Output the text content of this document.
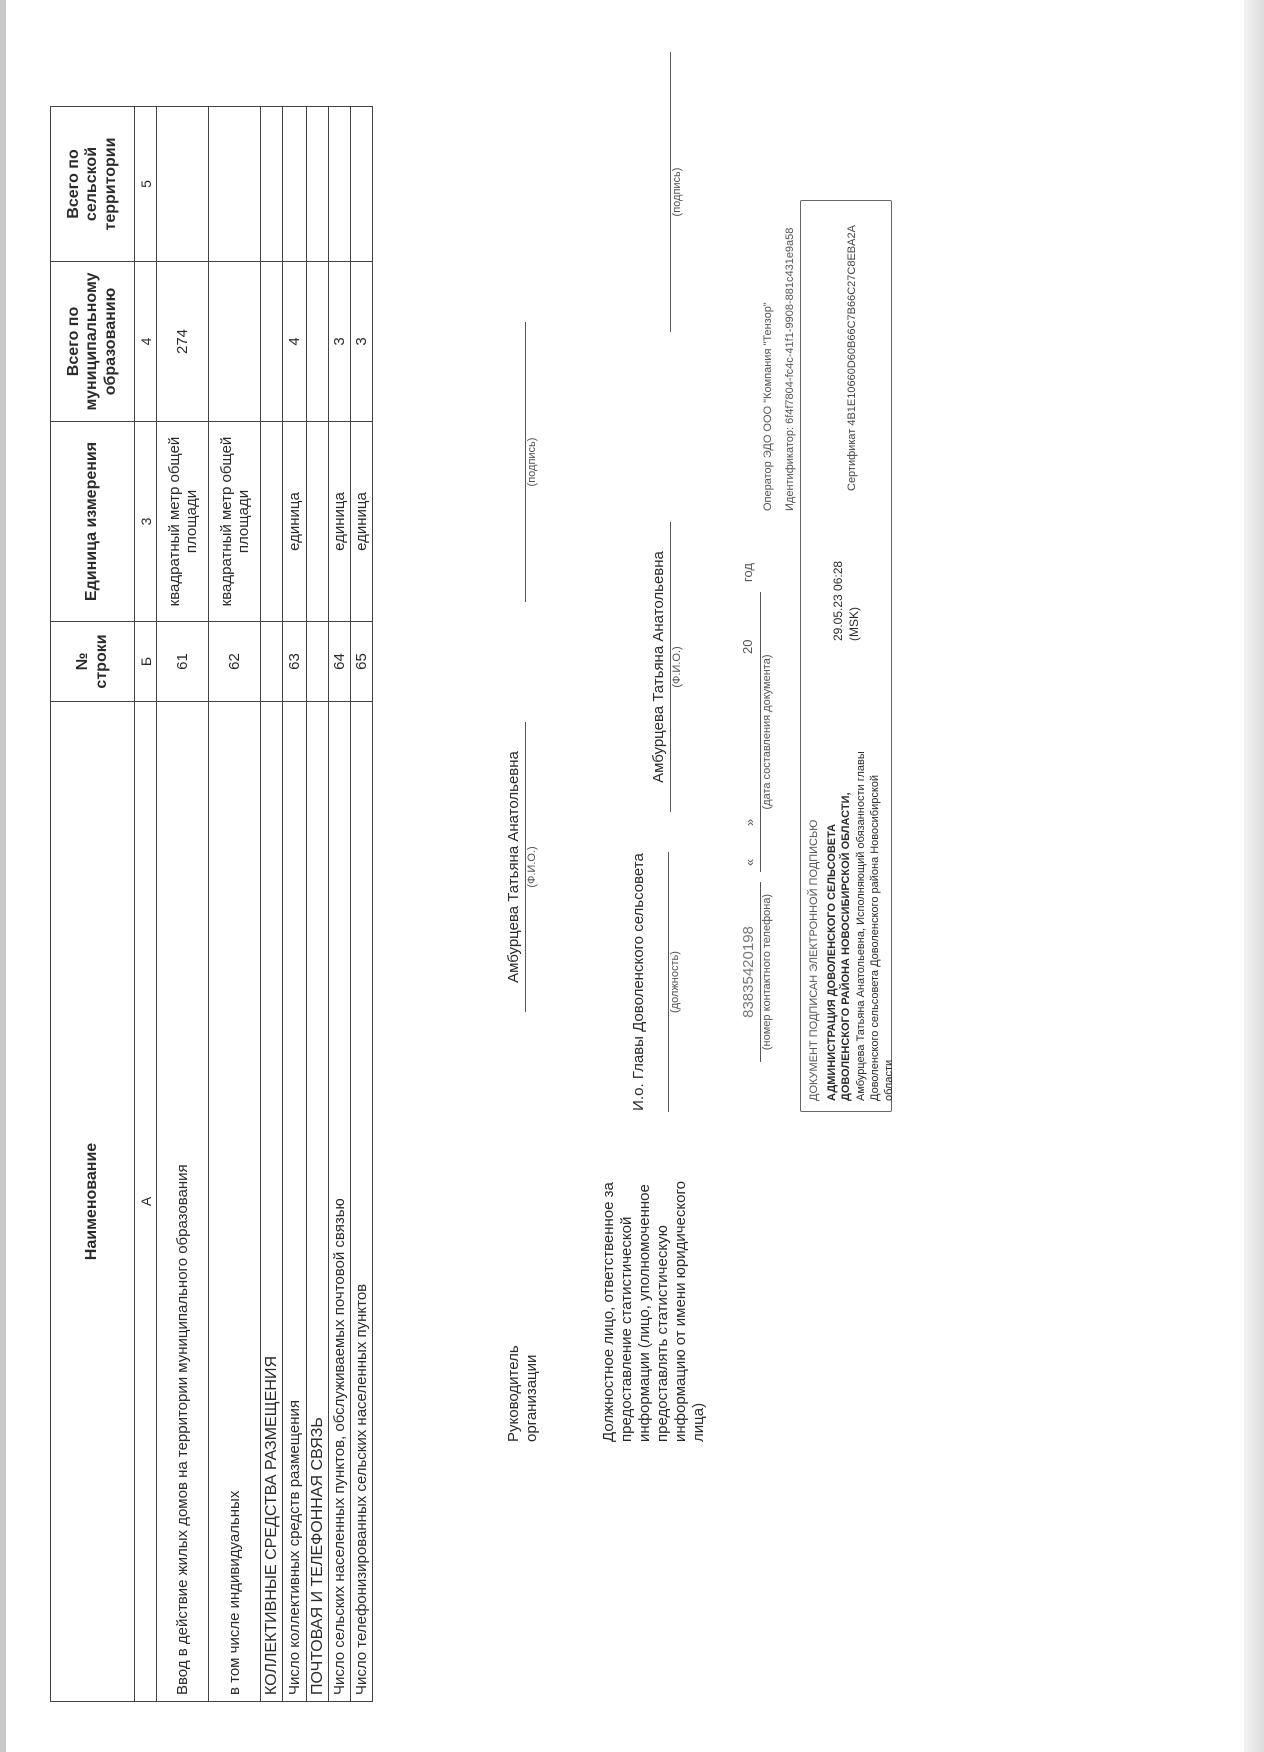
Наименование	№ строки	Единица измерения	Всего по муниципальному образованию	Всего по сельской территории
А	Б	3	4	5
Ввод в действие жилых домов на территории муниципального образования	61	квадратный метр общей площади	274	
в том числе индивидуальных	62	квадратный метр общей площади		
КОЛЛЕКТИВНЫЕ СРЕДСТВА РАЗМЕЩЕНИЯ				
Число коллективных средств размещения	63	единица	4	
ПОЧТОВАЯ И ТЕЛЕФОННАЯ СВЯЗЬ				
Число сельских населенных пунктов, обслуживаемых почтовой связью	64	единица	3	
Число телефонизированных сельских населенных пунктов	65	единица	3	
Руководитель организации
Амбурцева Татьяна Анатольевна (Ф.И.О.)
(подпись)
Должностное лицо, ответственное за предоставление статистической информации (лицо, уполномоченное предоставлять статистическую информацию от имени юридического лица)
И.о. Главы Доволенского сельсовета	(должность)
Амбурцева Татьяна Анатольевна (Ф.И.О.)
(подпись)
83835420198 (номер контактного телефона)
«
»
20
год
(дата составления документа)
ДОКУМЕНТ ПОДПИСАН ЭЛЕКТРОННОЙ ПОДПИСЬЮ АДМИНИСТРАЦИЯ ДОВОЛЕНСКОГО СЕЛЬСОВЕТА ДОВОЛЕНСКОГО РАЙОНА НОВОСИБИРСКОЙ ОБЛАСТИ, Амбурцева Татьяна Анатольевна, Исполняющий обязанности главы Доволенского сельсовета Доволенского района Новосибирской области
29.05.23 06:28 (MSK)
Сертификат 4B1E10660D60B66C7B66C27C8EBA2A
Оператор ЭДО ООО "Компания "Тензор" Идентификатор: 6f4f7804-fc4c-41f1-9908-881c431e9a58
